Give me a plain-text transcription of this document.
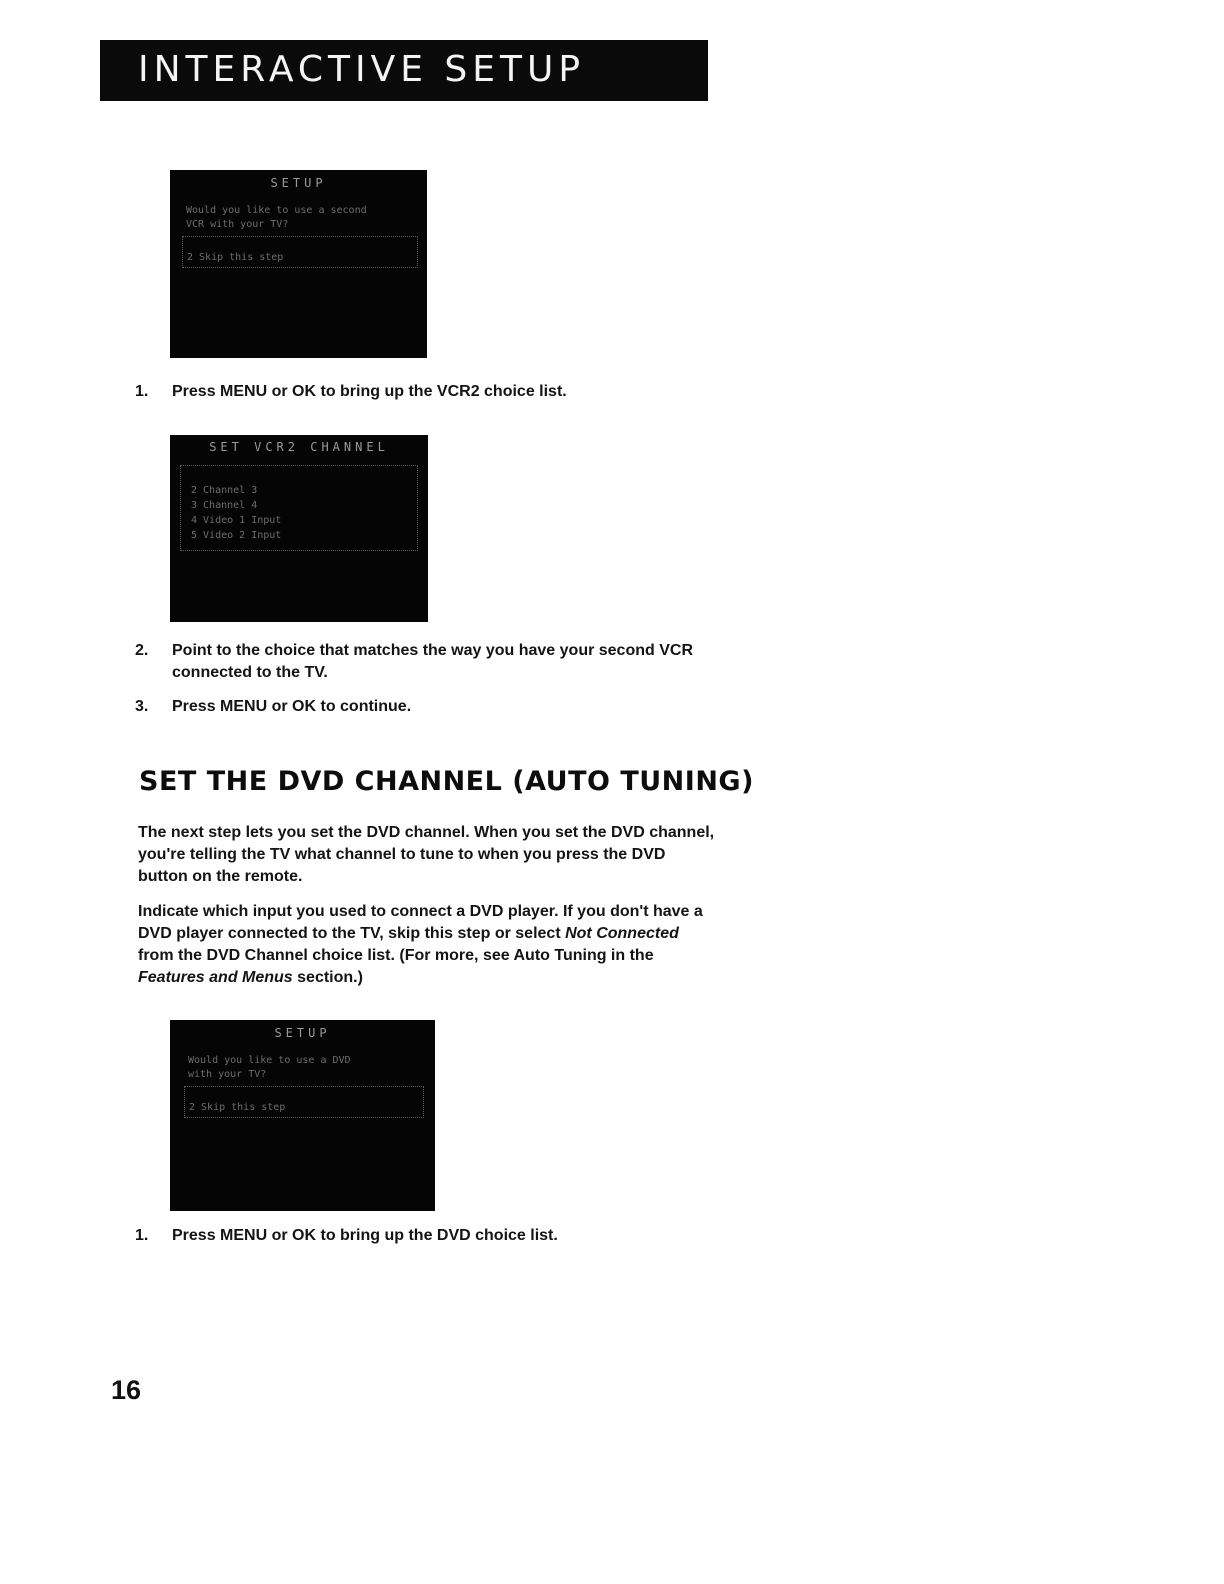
INTERACTIVE SETUP
SETUP
Would you like to use a second
VCR with your TV?
2 Skip this step
1. Press MENU or OK to bring up the VCR2 choice list.
SET VCR2 CHANNEL
2 Channel 3
3 Channel 4
4 Video 1 Input
5 Video 2 Input
2. Point to the choice that matches the way you have your second VCR connected to the TV.
3. Press MENU or OK to continue.
SET THE DVD CHANNEL (AUTO TUNING)

The next step lets you set the DVD channel. When you set the DVD channel, you're telling the TV what channel to tune to when you press the DVD button on the remote.

Indicate which input you used to connect a DVD player. If you don't have a DVD player connected to the TV, skip this step or select Not Connected from the DVD Channel choice list. (For more, see Auto Tuning in the Features and Menus section.)

SETUP
Would you like to use a DVD
with your TV?
2 Skip this step
1. Press MENU or OK to bring up the DVD choice list.
16
